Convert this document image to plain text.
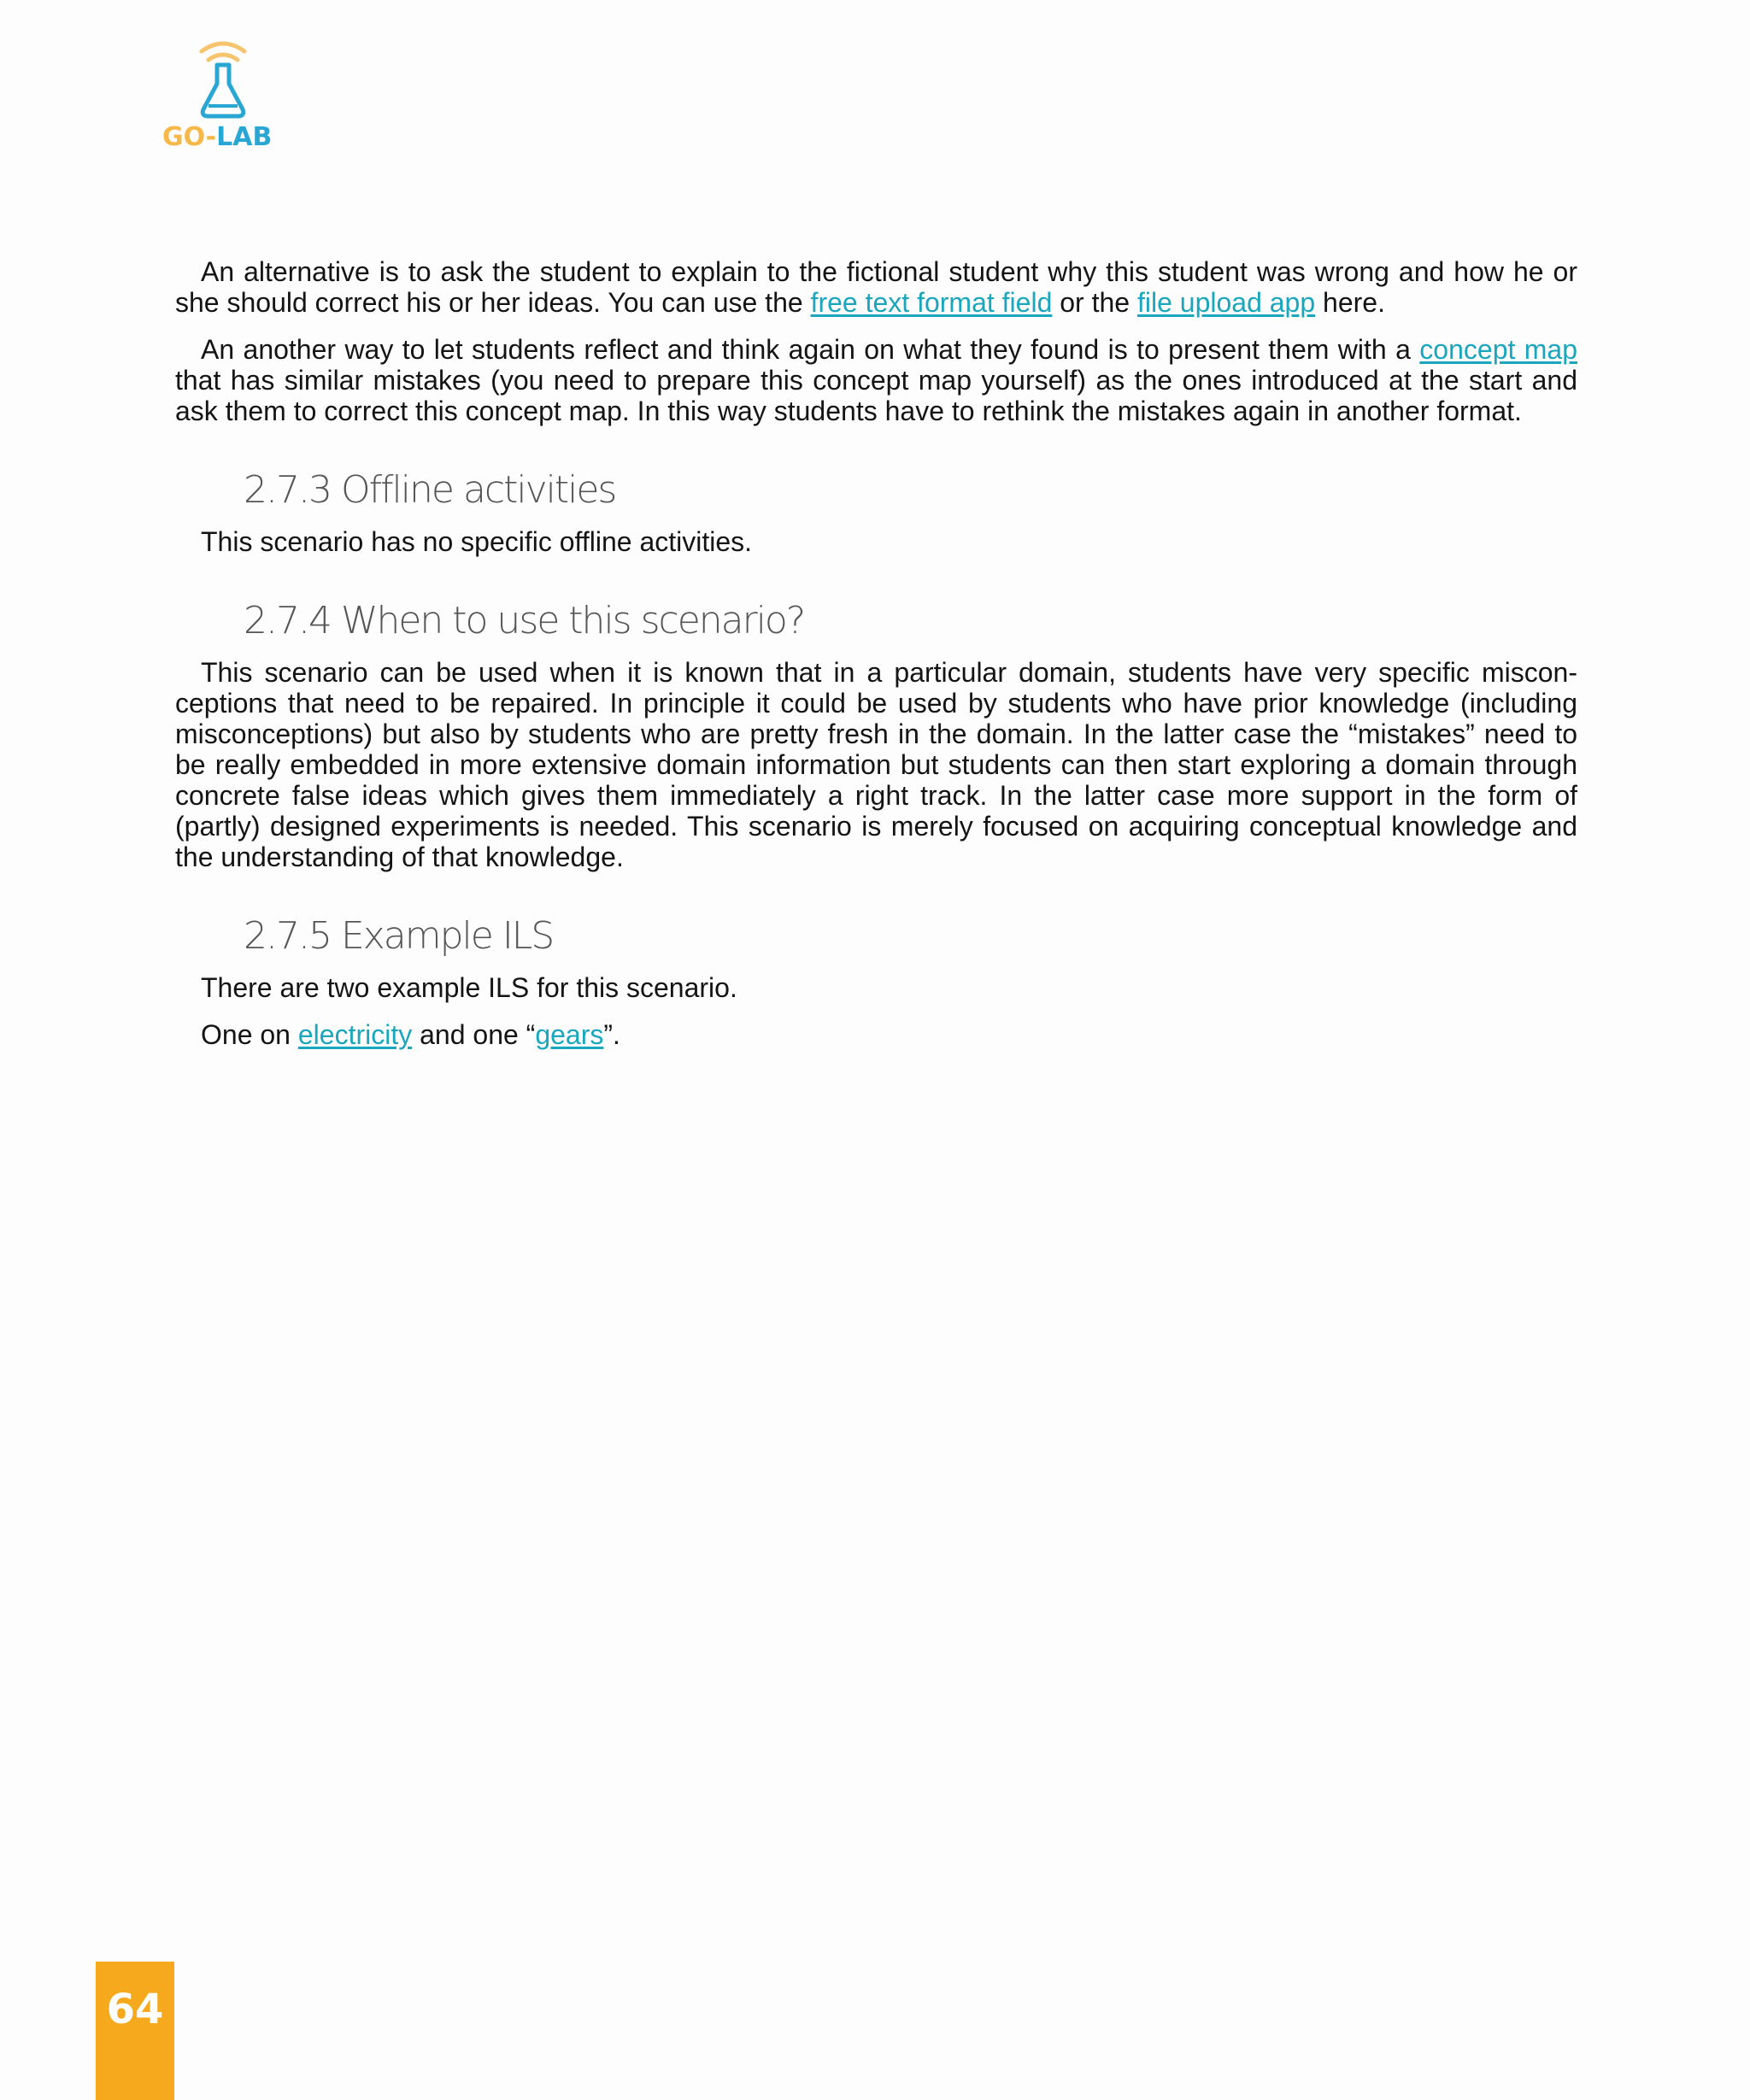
GO-LAB

An alternative is to ask the student to explain to the fictional student why this student was wrong and how he or she should correct his or her ideas. You can use the free text format field or the file upload app here.

An another way to let students reflect and think again on what they found is to present them with a concept map that has similar mistakes (you need to prepare this concept map yourself) as the ones introduced at the start and ask them to correct this concept map. In this way students have to rethink the mistakes again in another format.

2.7.3 Offline activities

This scenario has no specific offline activities.

2.7.4 When to use this scenario?

This scenario can be used when it is known that in a particular domain, students have very specific miscon-ceptions that need to be repaired. In principle it could be used by students who have prior knowledge (including misconceptions) but also by students who are pretty fresh in the domain. In the latter case the “mistakes” need to be really embedded in more extensive domain information but students can then start exploring a domain through concrete false ideas which gives them immediately a right track. In the latter case more support in the form of (partly) designed experiments is needed. This scenario is merely focused on acquiring conceptual knowledge and the understanding of that knowledge.

2.7.5 Example ILS

There are two example ILS for this scenario.

One on electricity and one “gears”.

64
